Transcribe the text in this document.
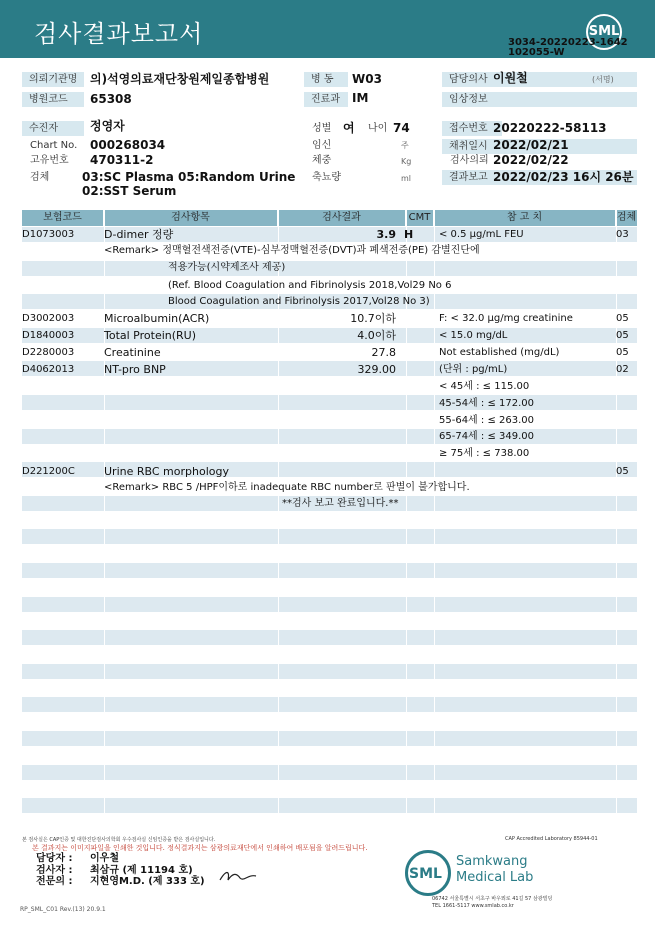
검사결과보고서	SML
3034-20220223-1642
102055-W
의뢰기관명	의)석영의료재단창원제일종합병원	병 동	W03	담당의사 이원철	(서명)
병원코드	65308	진료과	IM	임상정보
수진자	정영자	성별 여	나이 74	접수번호 20220222-58113
Chart No. 000268034	임신	주	채취일시 2022/02/21
고유번호 470311-2	체중	Kg	검사의뢰 2022/02/22
검체	03:SC Plasma 05:Random Urine
02:SST Serum
축뇨량	ml	결과보고 2022/02/23 16시 26분
보험코드	검사항목	검사결과	CMT	참 고 치	검체
D1073003	D-dimer 정량	3.9 H	< 0.5 μg/mL FEU	03
<Remark> 정맥혈전색전증(VTE)-심부정맥혈전증(DVT)과 폐색전증(PE) 감별진단에
적용가능(시약제조사 제공)
(Ref. Blood Coagulation and Fibrinolysis 2018,Vol29 No 6
Blood Coagulation and Fibrinolysis 2017,Vol28 No 3)
D3002003	Microalbumin(ACR)	10.7이하	F: < 32.0 μg/mg creatinine	05
D1840003	Total Protein(RU)	4.0이하	< 15.0 mg/dL	05
D2280003	Creatinine	27.8	Not established (mg/dL)	05
D4062013	NT-pro BNP	329.00	(단위 : pg/mL)	02
< 45세 : ≤ 115.00
45-54세 : ≤ 172.00
55-64세 : ≤ 263.00
65-74세 : ≤ 349.00
≥ 75세 : ≤ 738.00
D221200C	Urine RBC morphology	05
<Remark> RBC 5 /HPF이하로 inadequate RBC number로 판별이 불가합니다.
**검사 보고 완료입니다.**
본 검사실은 CAP인증 및 대한진단검사의학회 우수검사실 신임인증을 받은 검사실입니다.	CAP Accredited Laboratory 85944-01
본 결과지는 이미지파일을 인쇄한 것입니다. 정식결과지는 삼광의료재단에서 인쇄하여 배포됨을 알려드립니다.
담당자 : 이우철
검사자 : 최삼규 (제 11194 호)
전문의 : 지현영M.D. (제 333 호)	SML
Samkwang
Medical Lab
06742 서울특별시 서초구 바우뫼로 41길 57 삼광빌딩
TEL 1661-5117 www.smlab.co.kr
RP_SML_C01 Rev.(13) 20.9.1
